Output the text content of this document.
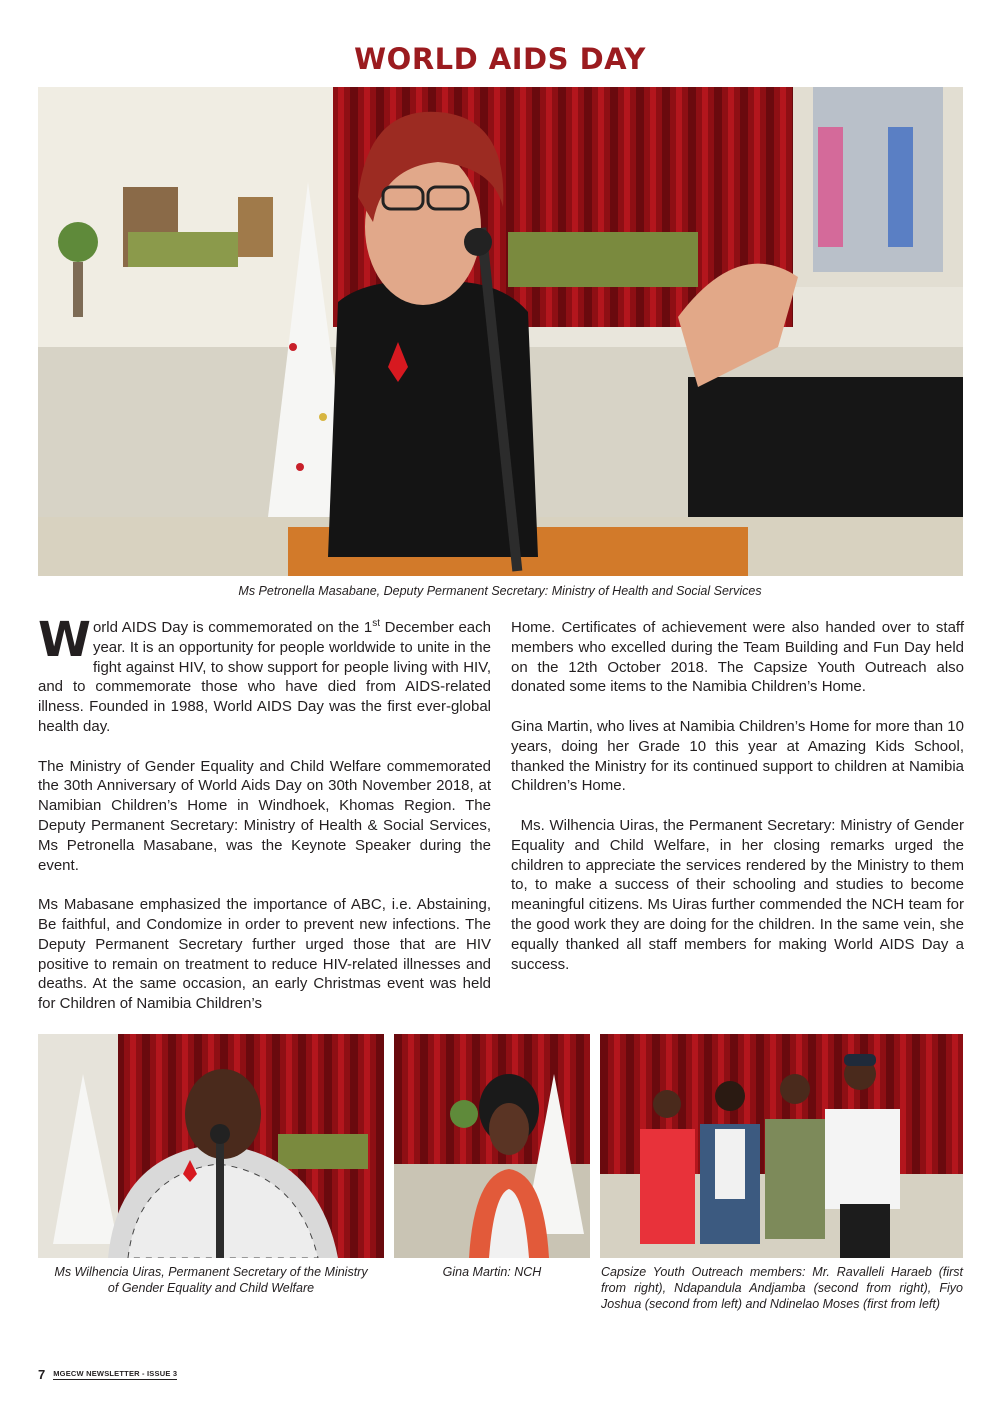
WORLD AIDS DAY
Ms Petronella Masabane, Deputy Permanent Secretary: Ministry of Health and Social Services

World AIDS Day is commemorated on the 1st December each year. It is an opportunity for people worldwide to unite in the fight against HIV, to show support for people living with HIV, and to commemorate those who have died from AIDS-related illness. Founded in 1988, World AIDS Day was the first ever-global health day.

The Ministry of Gender Equality and Child Welfare commemorated the 30th Anniversary of World Aids Day on 30th November 2018, at Namibian Children’s Home in Windhoek, Khomas Region. The Deputy Permanent Secretary: Ministry of Health & Social Services, Ms Petronella Masabane, was the Keynote Speaker during the event.

Ms Mabasane emphasized the importance of ABC, i.e. Abstaining, Be faithful, and Condomize in order to prevent new infections. The Deputy Permanent Secretary further urged those that are HIV positive to remain on treatment to reduce HIV-related illnesses and deaths. At the same occasion, an early Christmas event was held for Children of Namibia Children’s

Home. Certificates of achievement were also handed over to staff members who excelled during the Team Building and Fun Day held on the 12th October 2018. The Capsize Youth Outreach also donated some items to the Namibia Children’s Home.

Gina Martin, who lives at Namibia Children’s Home for more than 10 years, doing her Grade 10 this year at Amazing Kids School, thanked the Ministry for its continued support to children at Namibia Children’s Home.

Ms. Wilhencia Uiras, the Permanent Secretary: Ministry of Gender Equality and Child Welfare, in her closing remarks urged the children to appreciate the services rendered by the Ministry to them to, to make a success of their schooling and studies to become meaningful citizens. Ms Uiras further commended the NCH team for the good work they are doing for the children. In the same vein, she equally thanked all staff members for making World AIDS Day a success.

Ms Wilhencia Uiras, Permanent Secretary of the Ministry
of Gender Equality and Child Welfare
Gina Martin: NCH	Capsize Youth Outreach members: Mr. Ravalleli Haraeb (first from right), Ndapandula Andjamba (second from right), Fiyo Joshua (second from left) and Ndinelao Moses (first from left)
7 MGECW NEWSLETTER - ISSUE 3
